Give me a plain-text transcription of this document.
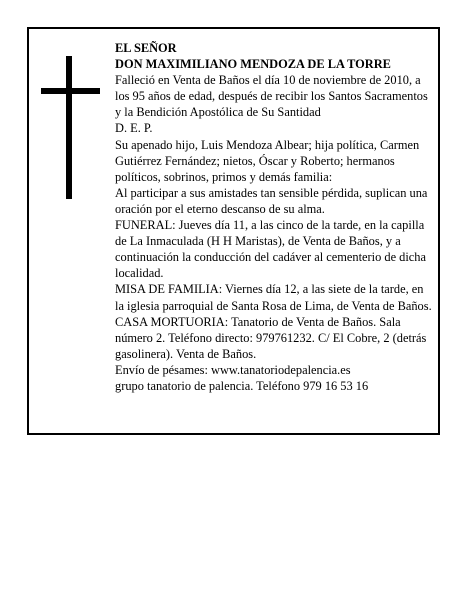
EL SEÑOR

DON MAXIMILIANO MENDOZA DE LA TORRE

Falleció en Venta de Baños el día 10 de noviembre de 2010, a los 95 años de edad, después de recibir los Santos Sacramentos y la Bendición Apostólica de Su Santidad

D. E. P.

Su apenado hijo, Luis Mendoza Albear; hija política, Carmen Gutiérrez Fernández; nietos, Óscar y Roberto; hermanos políticos, sobrinos, primos y demás familia:

Al participar a sus amistades tan sensible pérdida, suplican una oración por el eterno descanso de su alma.

FUNERAL: Jueves día 11, a las cinco de la tarde, en la capilla de La Inmaculada (H H Maristas), de Venta de Baños, y a continuación la conducción del cadáver al cementerio de dicha localidad.

MISA DE FAMILIA: Viernes día 12, a las siete de la tarde, en la iglesia parroquial de Santa Rosa de Lima, de Venta de Baños.

CASA MORTUORIA: Tanatorio de Venta de Baños. Sala número 2. Teléfono directo: 979761232. C/ El Cobre, 2 (detrás gasolinera). Venta de Baños.

Envío de pésames: www.tanatoriodepalencia.es

grupo tanatorio de palencia. Teléfono 979 16 53 16
